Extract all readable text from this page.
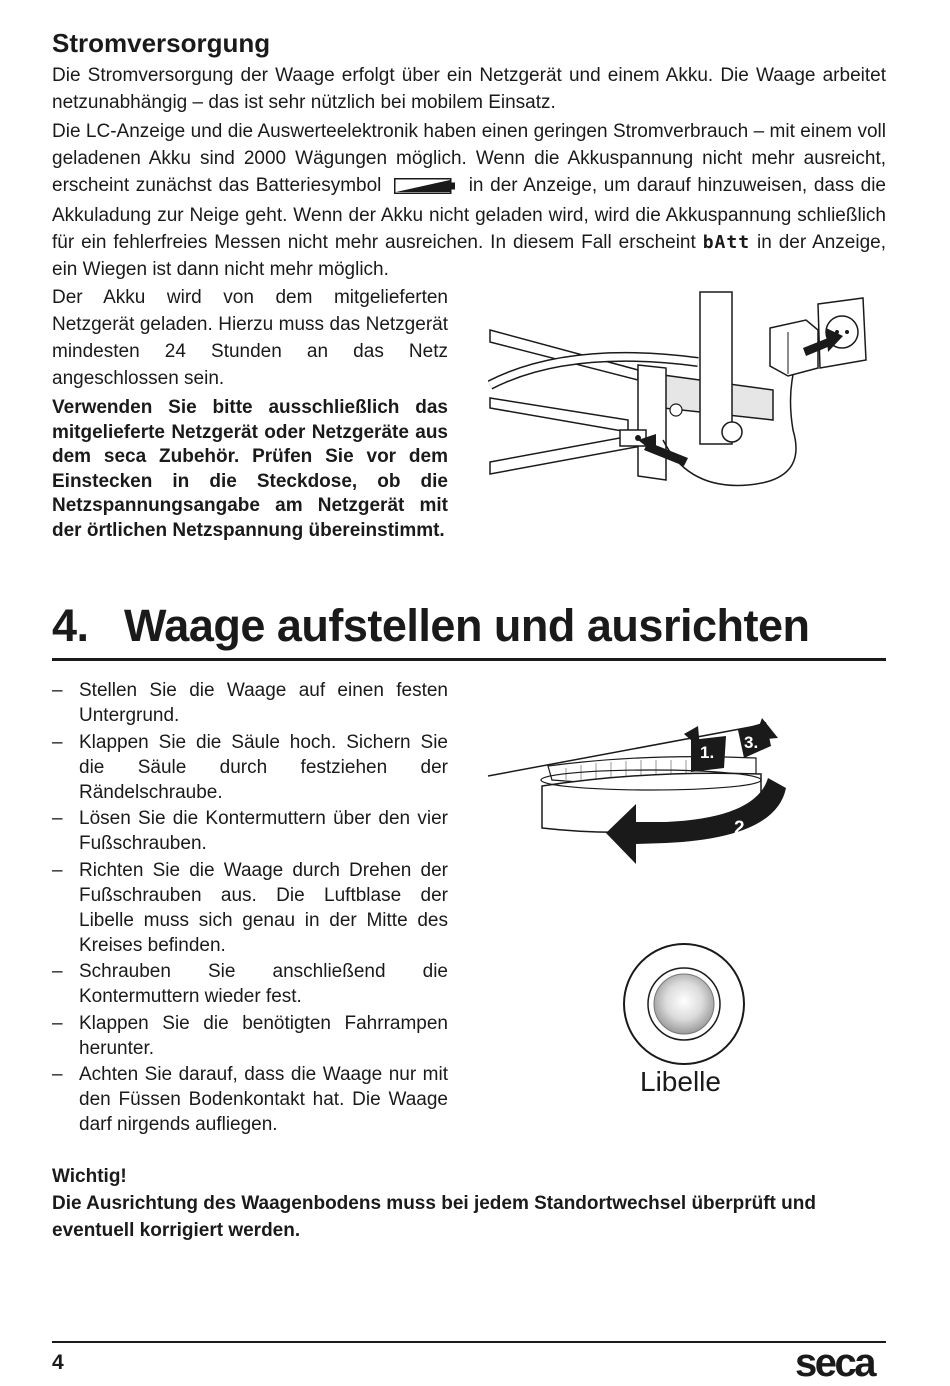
Stromversorgung

Die Stromversorgung der Waage erfolgt über ein Netzgerät und einem Akku. Die Waage arbeitet netzunabhängig – das ist sehr nützlich bei mobilem Einsatz.

Die LC-Anzeige und die Auswerteelektronik haben einen geringen Stromverbrauch – mit einem voll geladenen Akku sind 2000 Wägungen möglich. Wenn die Akkuspannung nicht mehr ausreicht, erscheint zunächst das Batteriesymbol	in der Anzeige, um darauf hinzuweisen, dass die Akkuladung zur Neige geht. Wenn der Akku nicht geladen wird, wird die Akkuspannung schließlich für ein fehlerfreies Messen nicht mehr ausreichen. In diesem Fall erscheint bAtt in der Anzeige, ein Wiegen ist dann nicht mehr möglich.

Der Akku wird von dem mitgelieferten Netzgerät geladen. Hierzu muss das Netzgerät mindesten 24 Stunden an das Netz angeschlossen sein.

Verwenden Sie bitte ausschließlich das mitgelieferte Netzgerät oder Netzgeräte aus dem seca Zubehör. Prüfen Sie vor dem Einstecken in die Steckdose, ob die Netzspannungsangabe am Netzgerät mit der örtlichen Netzspannung übereinstimmt.

4. Waage aufstellen und ausrichten
– Stellen Sie die Waage auf einen festen Untergrund.
– Klappen Sie die Säule hoch. Sichern Sie die Säule durch festziehen der Rändelschraube.
– Lösen Sie die Kontermuttern über den vier Fußschrauben.
– Richten Sie die Waage durch Drehen der Fußschrauben aus. Die Luftblase der Libelle muss sich genau in der Mitte des Kreises befinden.
– Schrauben Sie anschließend die Kontermuttern wieder fest.
– Klappen Sie die benötigten Fahrrampen herunter.
– Achten Sie darauf, dass die Waage nur mit den Füssen Bodenkontakt hat. Die Waage darf nirgends aufliegen.
1.
3.
2.
Libelle
Wichtig!
Die Ausrichtung des Waagenbodens muss bei jedem Standortwechsel überprüft und eventuell korrigiert werden.
4	seca
